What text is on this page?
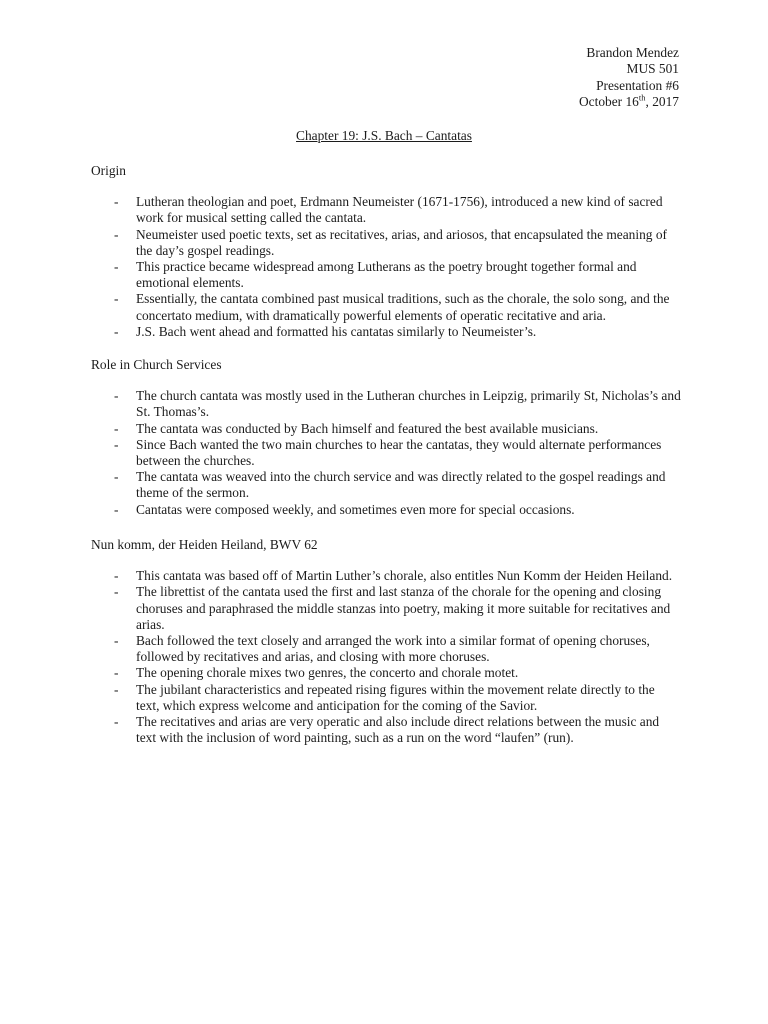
Brandon Mendez
MUS 501
Presentation #6
October 16th, 2017
Chapter 19: J.S. Bach – Cantatas
Origin
- Lutheran theologian and poet, Erdmann Neumeister (1671-1756), introduced a new kind of sacred work for musical setting called the cantata.
- Neumeister used poetic texts, set as recitatives, arias, and ariosos, that encapsulated the meaning of the day’s gospel readings.
- This practice became widespread among Lutherans as the poetry brought together formal and emotional elements.
- Essentially, the cantata combined past musical traditions, such as the chorale, the solo song, and the concertato medium, with dramatically powerful elements of operatic recitative and aria.
- J.S. Bach went ahead and formatted his cantatas similarly to Neumeister’s.
Role in Church Services
- The church cantata was mostly used in the Lutheran churches in Leipzig, primarily St, Nicholas’s and St. Thomas’s.
- The cantata was conducted by Bach himself and featured the best available musicians.
- Since Bach wanted the two main churches to hear the cantatas, they would alternate performances between the churches.
- The cantata was weaved into the church service and was directly related to the gospel readings and theme of the sermon.
- Cantatas were composed weekly, and sometimes even more for special occasions.
Nun komm, der Heiden Heiland, BWV 62
- This cantata was based off of Martin Luther’s chorale, also entitles Nun Komm der Heiden Heiland.
- The librettist of the cantata used the first and last stanza of the chorale for the opening and closing choruses and paraphrased the middle stanzas into poetry, making it more suitable for recitatives and arias.
- Bach followed the text closely and arranged the work into a similar format of opening choruses, followed by recitatives and arias, and closing with more choruses.
- The opening chorale mixes two genres, the concerto and chorale motet.
- The jubilant characteristics and repeated rising figures within the movement relate directly to the text, which express welcome and anticipation for the coming of the Savior.
- The recitatives and arias are very operatic and also include direct relations between the music and text with the inclusion of word painting, such as a run on the word “laufen” (run).
